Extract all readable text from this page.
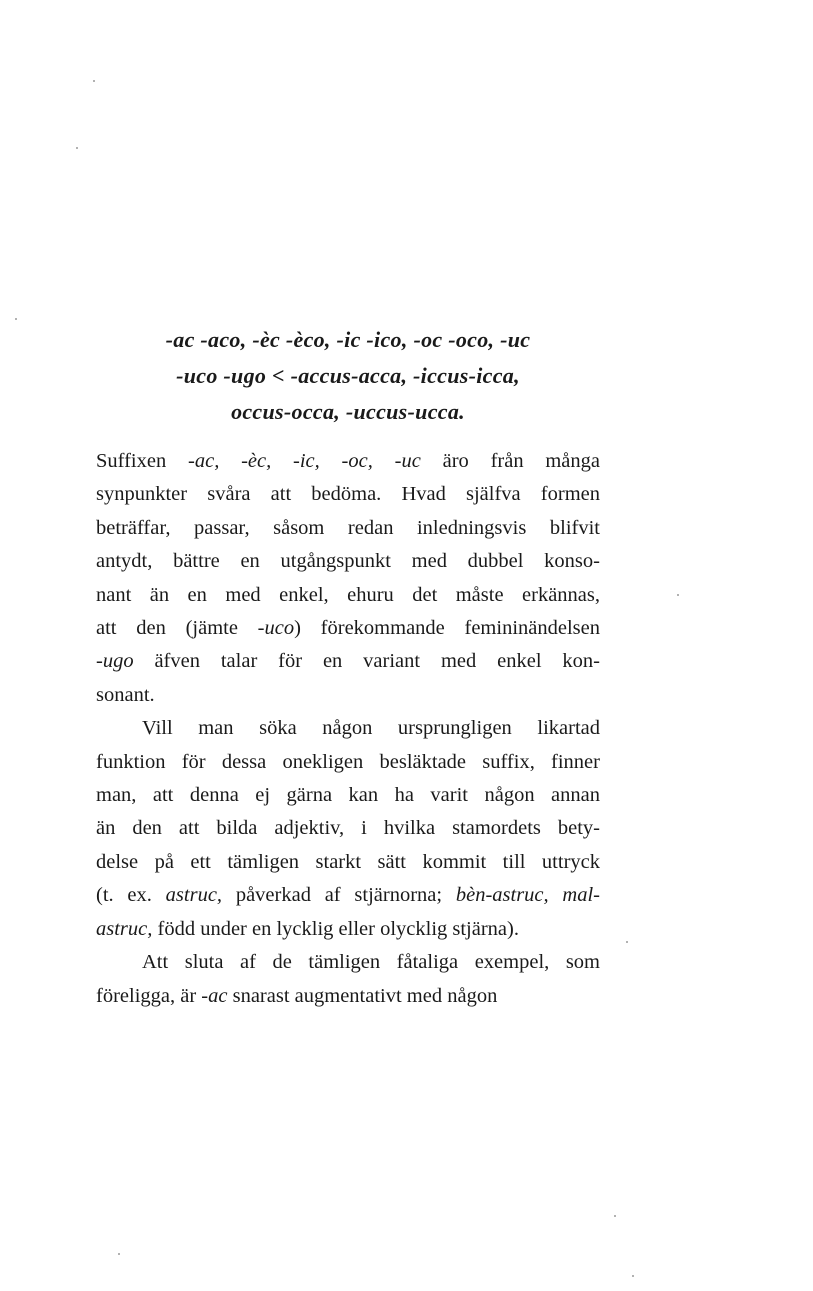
-ac -aco, -èc -èco, -ic -ico, -oc -oco, -uc
-uco -ugo < -accus-acca, -iccus-icca,
occus-occa, -uccus-ucca.
Suffixen -ac, -èc, -ic, -oc, -uc äro från många
synpunkter svåra att bedöma. Hvad själfva formen
beträffar, passar, såsom redan inledningsvis blifvit
antydt, bättre en utgångspunkt med dubbel konso-
nant än en med enkel, ehuru det måste erkännas,
att den (jämte -uco) förekommande femininändelsen
-ugo äfven talar för en variant med enkel kon-
sonant.
Vill man söka någon ursprungligen likartad
funktion för dessa onekligen besläktade suffix, finner
man, att denna ej gärna kan ha varit någon annan
än den att bilda adjektiv, i hvilka stamordets bety-
delse på ett tämligen starkt sätt kommit till uttryck
(t. ex. astruc, påverkad af stjärnorna; bèn-astruc, mal-
astruc, född under en lycklig eller olycklig stjärna).
Att sluta af de tämligen fåtaliga exempel, som
föreligga, är -ac snarast augmentativt med någon
